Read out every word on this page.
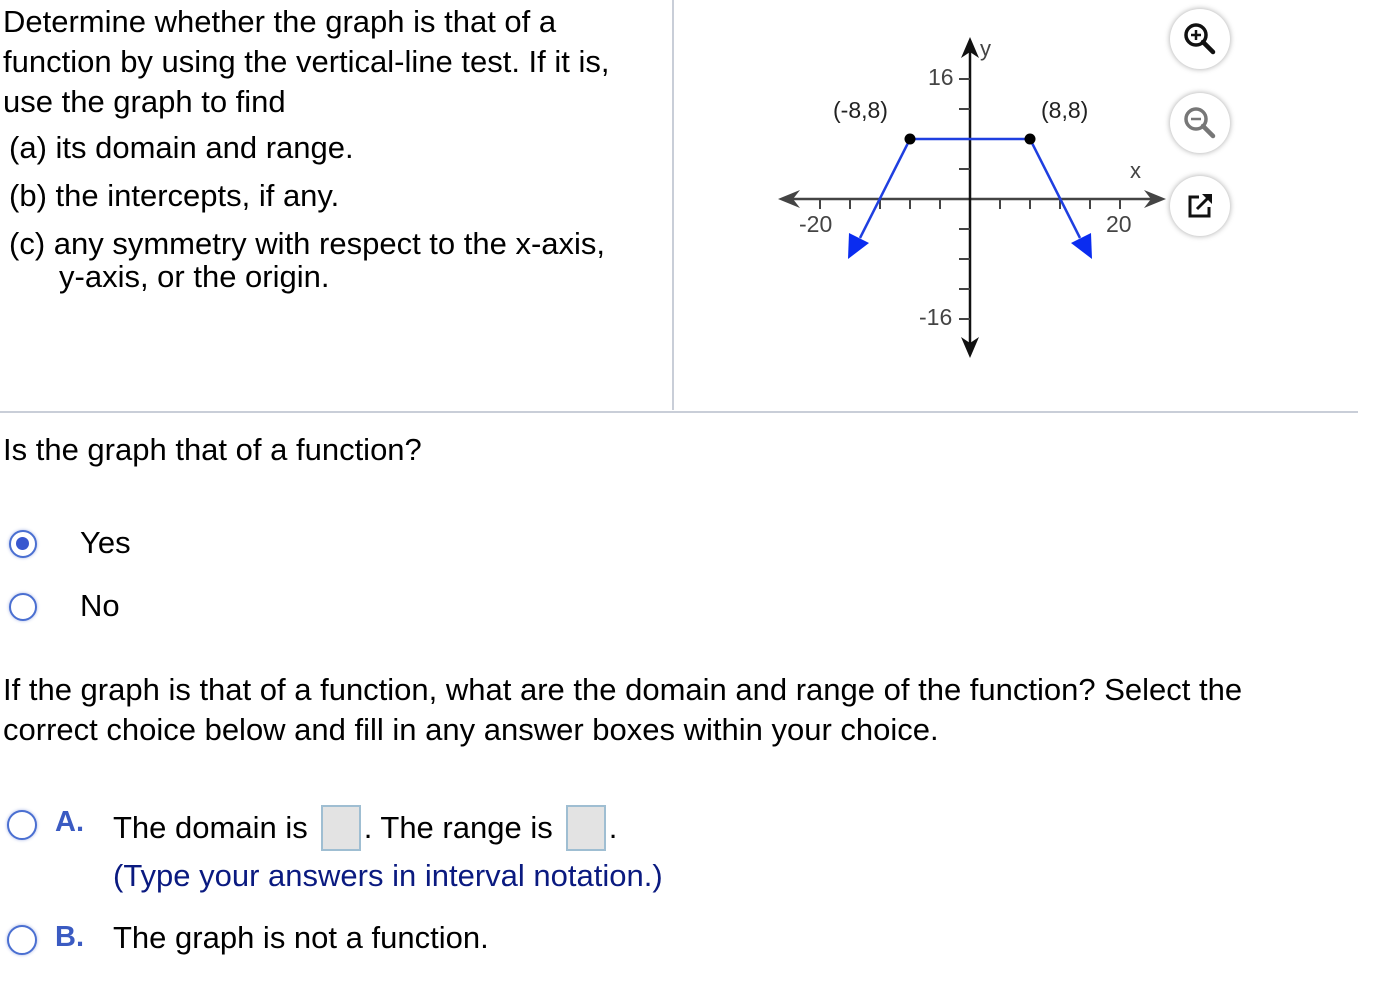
Determine whether the graph is that of a
function by using the vertical-line test. If it is,
use the graph to find
(a) its domain and range.
(b) the intercepts, if any.
(c) any symmetry with respect to the x-axis,
y-axis, or the origin.
y
x
16
-16
-20	20
(-8,8)	(8,8)
Is the graph that of a function?
Yes
No
If the graph is that of a function, what are the domain and range of the function? Select the
correct choice below and fill in any answer boxes within your choice.
A. The domain is . The range is .
(Type your answers in interval notation.)
B. The graph is not a function.
